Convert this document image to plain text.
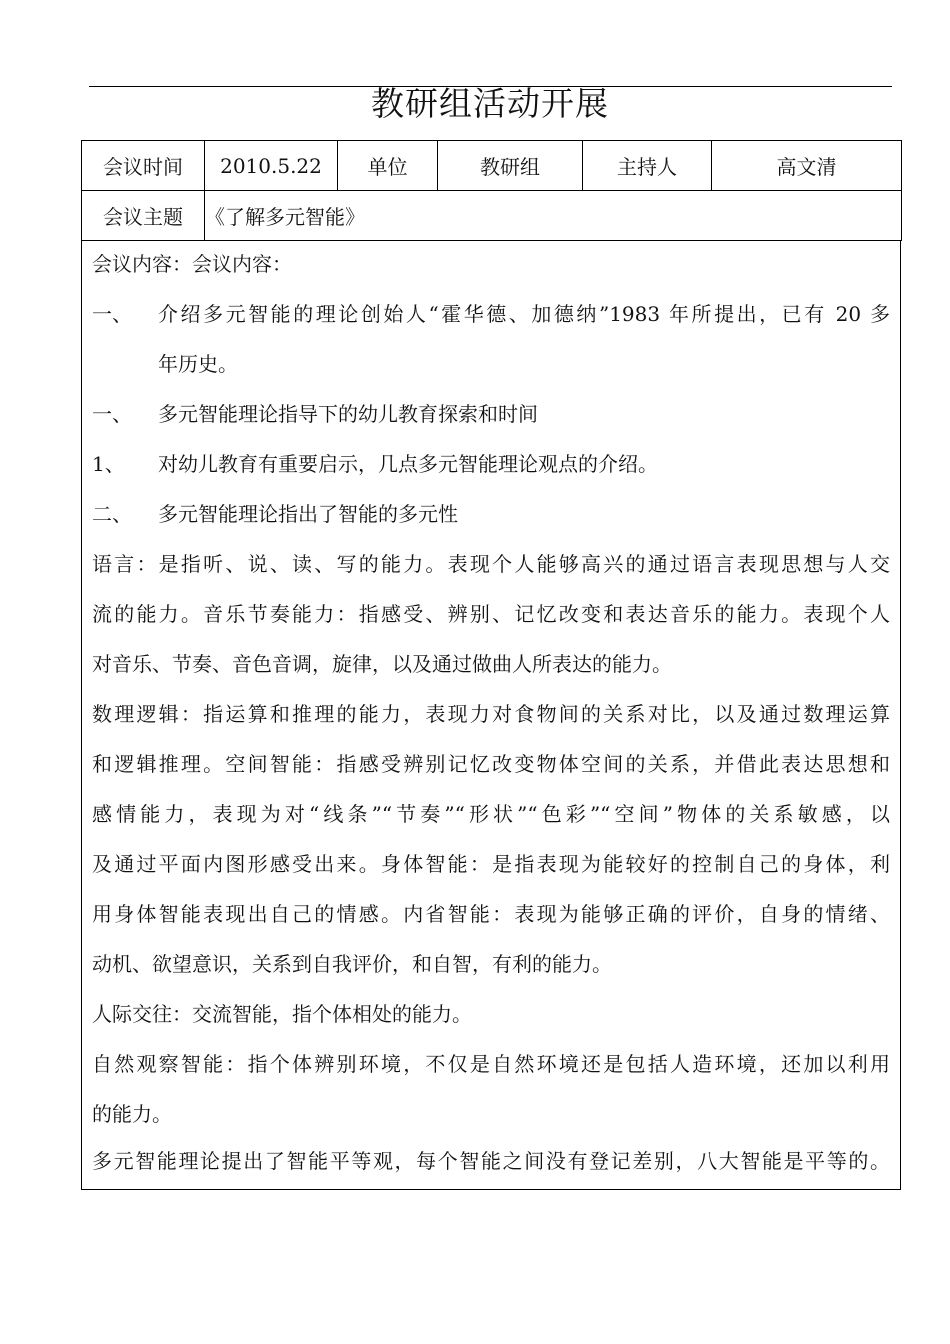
教研组活动开展
会议时间	2010.5.22	单位	教研组	主持人	高文清
会议主题	《了解多元智能》				
会议内容：会议内容：
一、 介绍多元智能的理论创始人“霍华德、加德纳”1983 年所提出，已有 20 多
年历史。
一、 多元智能理论指导下的幼儿教育探索和时间
1、 对幼儿教育有重要启示，几点多元智能理论观点的介绍。
二、 多元智能理论指出了智能的多元性
语言：是指听、说、读、写的能力。表现个人能够高兴的通过语言表现思想与人交
流的能力。音乐节奏能力：指感受、辨别、记忆改变和表达音乐的能力。表现个人
对音乐、节奏、音色音调，旋律，以及通过做曲人所表达的能力。
数理逻辑：指运算和推理的能力，表现力对食物间的关系对比，以及通过数理运算
和逻辑推理。空间智能：指感受辨别记忆改变物体空间的关系，并借此表达思想和
感情能力，表现为对“线条”“节奏”“形状”“色彩”“空间”物体的关系敏感，以
及通过平面内图形感受出来。身体智能：是指表现为能较好的控制自己的身体，利
用身体智能表现出自己的情感。内省智能：表现为能够正确的评价，自身的情绪、
动机、欲望意识，关系到自我评价，和自智，有利的能力。
人际交往：交流智能，指个体相处的能力。
自然观察智能：指个体辨别环境，不仅是自然环境还是包括人造环境，还加以利用
的能力。
多元智能理论提出了智能平等观，每个智能之间没有登记差别，八大智能是平等的。
